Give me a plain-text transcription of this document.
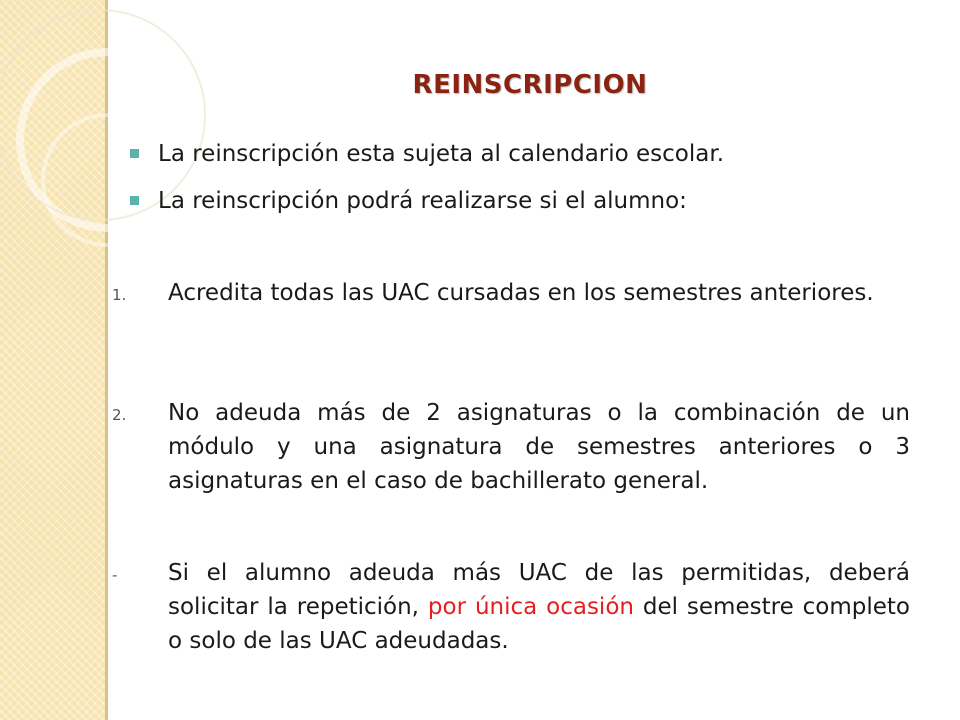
REINSCRIPCION
La reinscripción esta sujeta al calendario escolar.
La reinscripción podrá realizarse si el alumno:
1.	Acredita todas las UAC cursadas en los semestres anteriores.
2.	No adeuda más de 2 asignaturas o la combinación de un módulo y una asignatura de semestres anteriores o 3 asignaturas en el caso de bachillerato general.
-	Si el alumno adeuda más UAC de las permitidas, deberá solicitar la repetición, por única ocasión del semestre completo o solo de las UAC adeudadas.
